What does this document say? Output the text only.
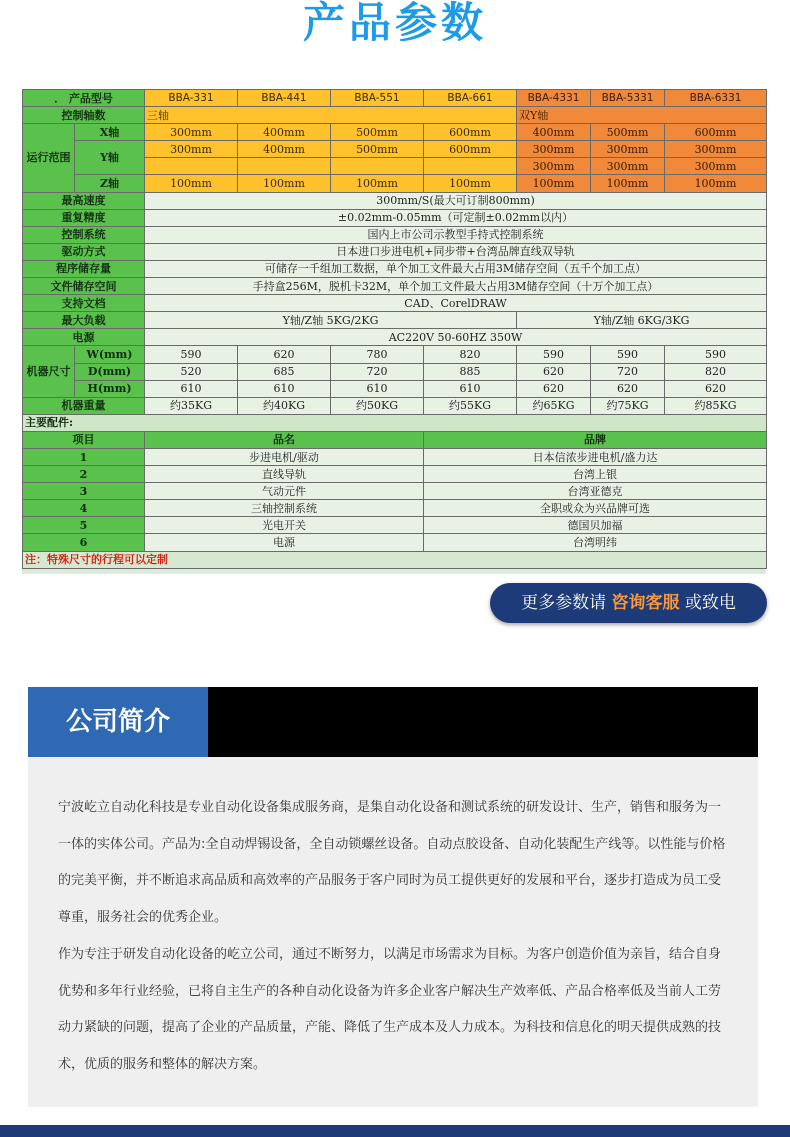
产品参数
． 产品型号		BBA-331	BBA-441	BBA-551	BBA-661	BBA-4331	BBA-5331	BBA-6331
控制轴数		三轴				双Y轴		
运行范围	X轴	300mm	400mm	500mm	600mm	400mm	500mm	600mm
	Y轴	300mm	400mm	500mm	600mm	300mm	300mm	300mm
						300mm	300mm	300mm
	Z轴	100mm	100mm	100mm	100mm	100mm	100mm	100mm
最高速度		300mm/S(最大可订制800mm)						
重复精度		±0.02mm-0.05mm（可定制±0.02mm以内）						
控制系统		国内上市公司示教型手持式控制系统						
驱动方式		日本进口步进电机+同步带+台湾品牌直线双导轨						
程序储存量		可储存一千组加工数据，单个加工文件最大占用3M储存空间（五千个加工点）						
文件储存空间		手持盒256M，脱机卡32M，单个加工文件最大占用3M储存空间（十万个加工点）						
支持文档		CAD、CorelDRAW						
最大负载		Y轴/Z轴 5KG/2KG				Y轴/Z轴 6KG/3KG		
电源		AC220V 50-60HZ 350W						
机器尺寸	W(mm)	590	620	780	820	590	590	590
	D(mm)	520	685	720	885	620	720	820
	H(mm)	610	610	610	610	620	620	620
机器重量		约35KG	约40KG	约50KG	约55KG	约65KG	约75KG	约85KG
主要配件:								
项目		品名			品牌			
1		步进电机/驱动			日本信浓步进电机/盛力达			
2		直线导轨			台湾上银			
3		气动元件			台湾亚德克			
4		三轴控制系统			全职或众为兴品牌可选			
5		光电开关			德国贝加福			
6		电源			台湾明纬			
注：特殊尺寸的行程可以定制								
更多参数请 咨询客服 或致电
公司简介

宁波屹立自动化科技是专业自动化设备集成服务商，是集自动化设备和测试系统的研发设计、生产，销售和服务为一一体的实体公司。产品为:全自动焊锡设备，全自动锁螺丝设备。自动点胶设备、自动化装配生产线等。以性能与价格的完美平衡，并不断追求高品质和高效率的产品服务于客户同时为员工提供更好的发展和平台，逐步打造成为员工受尊重，服务社会的优秀企业。

作为专注于研发自动化设备的屹立公司，通过不断努力，以满足市场需求为目标。为客户创造价值为亲旨，结合自身优势和多年行业经验，已将自主生产的各种自动化设备为许多企业客户解决生产效率低、产品合格率低及当前人工劳动力紧缺的问题，提高了企业的产品质量，产能、降低了生产成本及人力成本。为科技和信息化的明天提供成熟的技术，优质的服务和整体的解决方案。
